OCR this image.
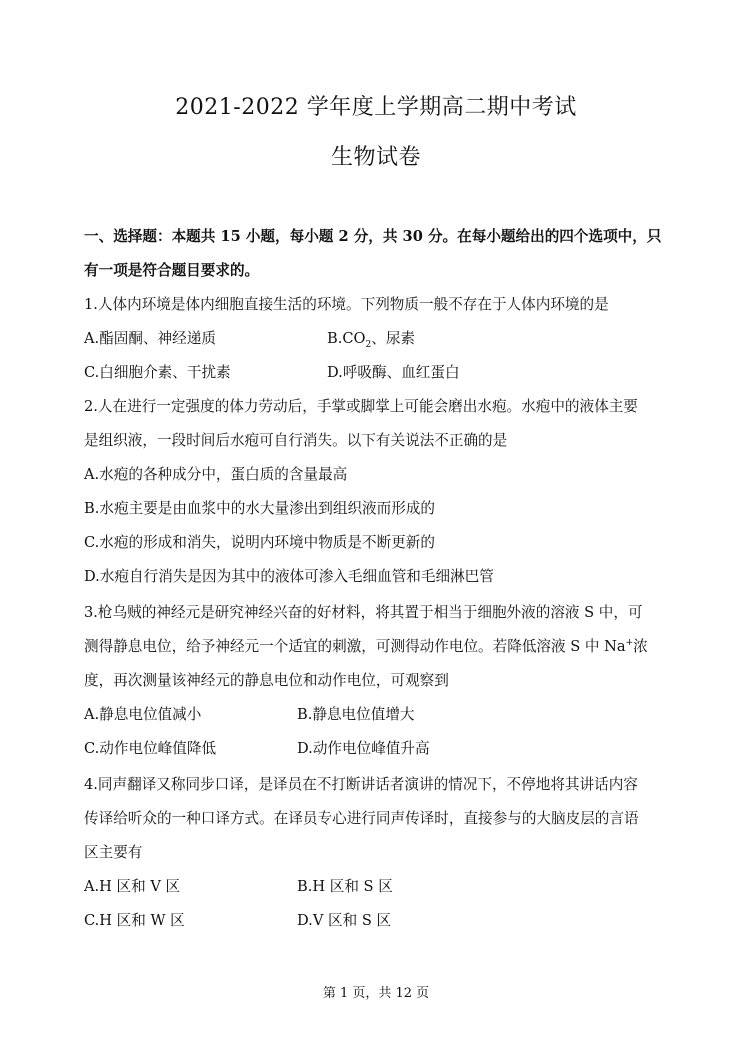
2021-2022 学年度上学期高二期中考试
生物试卷
一、选择题：本题共 15 小题，每小题 2 分，共 30 分。在每小题给出的四个选项中，只
有一项是符合题目要求的。
1.人体内环境是体内细胞直接生活的环境。下列物质一般不存在于人体内环境的是
A.酯固酮、神经递质	$B.CO_2$、尿素
C.白细胞介素、干扰素	D.呼吸酶、血红蛋白
2.人在进行一定强度的体力劳动后，手掌或脚掌上可能会磨出水疱。水疱中的液体主要
是组织液，一段时间后水疱可自行消失。以下有关说法不正确的是
A.水疱的各种成分中，蛋白质的含量最高
B.水疱主要是由血浆中的水大量渗出到组织液而形成的
C.水疱的形成和消失，说明内环境中物质是不断更新的
D.水疱自行消失是因为其中的液体可渗入毛细血管和毛细淋巴管
3.枪乌贼的神经元是研究神经兴奋的好材料，将其置于相当于细胞外液的溶液 S 中，可
测得静息电位，给予神经元一个适宜的刺激，可测得动作电位。若降低溶液 S 中 Na+浓
度，再次测量该神经元的静息电位和动作电位，可观察到
A.静息电位值减小	B.静息电位值增大
C.动作电位峰值降低	D.动作电位峰值升高
4.同声翻译又称同步口译，是译员在不打断讲话者演讲的情况下，不停地将其讲话内容
传译给听众的一种口译方式。在译员专心进行同声传译时，直接参与的大脑皮层的言语
区主要有
A.H 区和 V 区	B.H 区和 S 区
C.H 区和 W 区	D.V 区和 S 区
第 1 页，共 12 页
